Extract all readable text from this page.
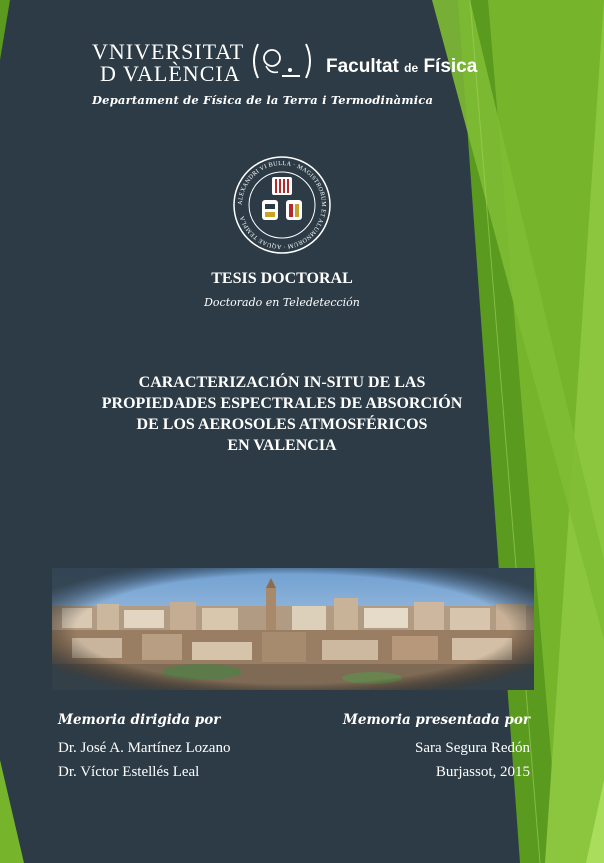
VNIVERSITAT
D VALÈNCIA	Facultat de Física
Departament de Física de la Terra i Termodinàmica
ALEXANDRI VI BULLA · MAGISTRORUM ET ALUMNORUM · AQUAE TEMPLA
TESIS DOCTORAL
Doctorado en Teledetección
CARACTERIZACIÓN IN-SITU DE LAS
PROPIEDADES ESPECTRALES DE ABSORCIÓN
DE LOS AEROSOLES ATMOSFÉRICOS
EN VALENCIA
Memoria dirigida por
Dr. José A. Martínez Lozano
Dr. Víctor Estellés Leal
Memoria presentada por
Sara Segura Redón
Burjassot, 2015
